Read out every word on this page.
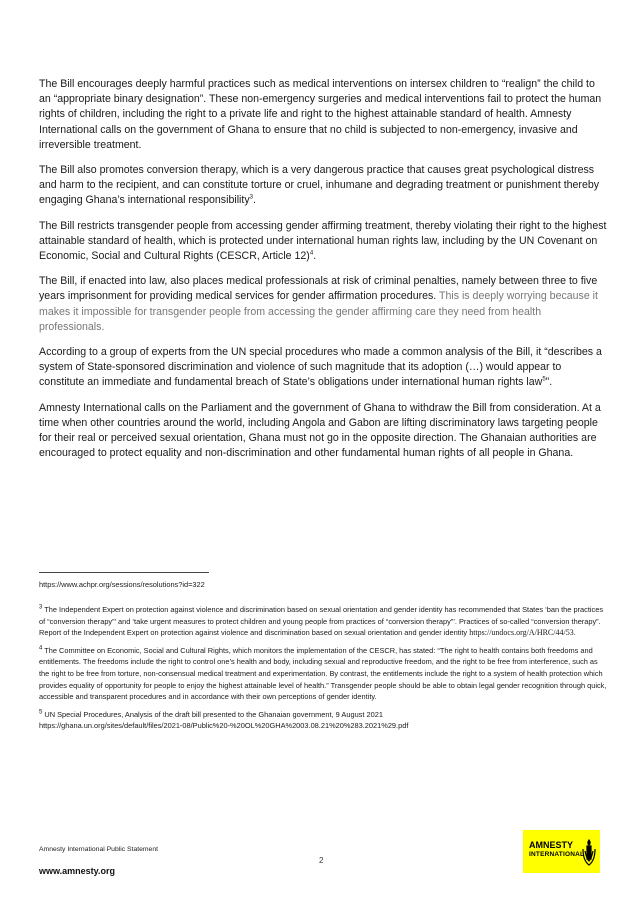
The Bill encourages deeply harmful practices such as medical interventions on intersex children to “realign” the child to an “appropriate binary designation”. These non-emergency surgeries and medical interventions fail to protect the human rights of children, including the right to a private life and right to the highest attainable standard of health. Amnesty International calls on the government of Ghana to ensure that no child is subjected to non-emergency, invasive and irreversible treatment.

The Bill also promotes conversion therapy, which is a very dangerous practice that causes great psychological distress and harm to the recipient, and can constitute torture or cruel, inhumane and degrading treatment or punishment thereby engaging Ghana’s international responsibility$^3$.

The Bill restricts transgender people from accessing gender affirming treatment, thereby violating their right to the highest attainable standard of health, which is protected under international human rights law, including by the UN Covenant on Economic, Social and Cultural Rights (CESCR, Article 12)$^4$.

The Bill, if enacted into law, also places medical professionals at risk of criminal penalties, namely between three to five years imprisonment for providing medical services for gender affirmation procedures. This is deeply worrying because it makes it impossible for transgender people from accessing the gender affirming care they need from health professionals.

According to a group of experts from the UN special procedures who made a common analysis of the Bill, it “describes a system of State-sponsored discrimination and violence of such magnitude that its adoption (…) would appear to constitute an immediate and fundamental breach of State’s obligations under international human rights law$^5$”.

Amnesty International calls on the Parliament and the government of Ghana to withdraw the Bill from consideration. At a time when other countries around the world, including Angola and Gabon are lifting discriminatory laws targeting people for their real or perceived sexual orientation, Ghana must not go in the opposite direction. The Ghanaian authorities are encouraged to protect equality and non-discrimination and other fundamental human rights of all people in Ghana.

https://www.achpr.org/sessions/resolutions?id=322

$^3$ The Independent Expert on protection against violence and discrimination based on sexual orientation and gender identity has recommended that States ‘ban the practices of “conversion therapy”’ and ‘take urgent measures to protect children and young people from practices of “conversion therapy”’. Practices of so-called “conversion therapy”. Report of the Independent Expert on protection against violence and discrimination based on sexual orientation and gender identity https://undocs.org/A/HRC/44/53.

$^4$ The Committee on Economic, Social and Cultural Rights, which monitors the implementation of the CESCR, has stated: “The right to health contains both freedoms and entitlements. The freedoms include the right to control one’s health and body, including sexual and reproductive freedom, and the right to be free from interference, such as the right to be free from torture, non-consensual medical treatment and experimentation. By contrast, the entitlements include the right to a system of health protection which provides equality of opportunity for people to enjoy the highest attainable level of health.” Transgender people should be able to obtain legal gender recognition through quick, accessible and transparent procedures and in accordance with their own perceptions of gender identity.

$^5$ UN Special Procedures, Analysis of the draft bill presented to the Ghanaian government, 9 August 2021
https://ghana.un.org/sites/default/files/2021-08/Public%20-%20OL%20GHA%2003.08.21%20%283.2021%29.pdf

Amnesty International Public Statement
2
www.amnesty.org
AMNESTY
INTERNATIONAL
